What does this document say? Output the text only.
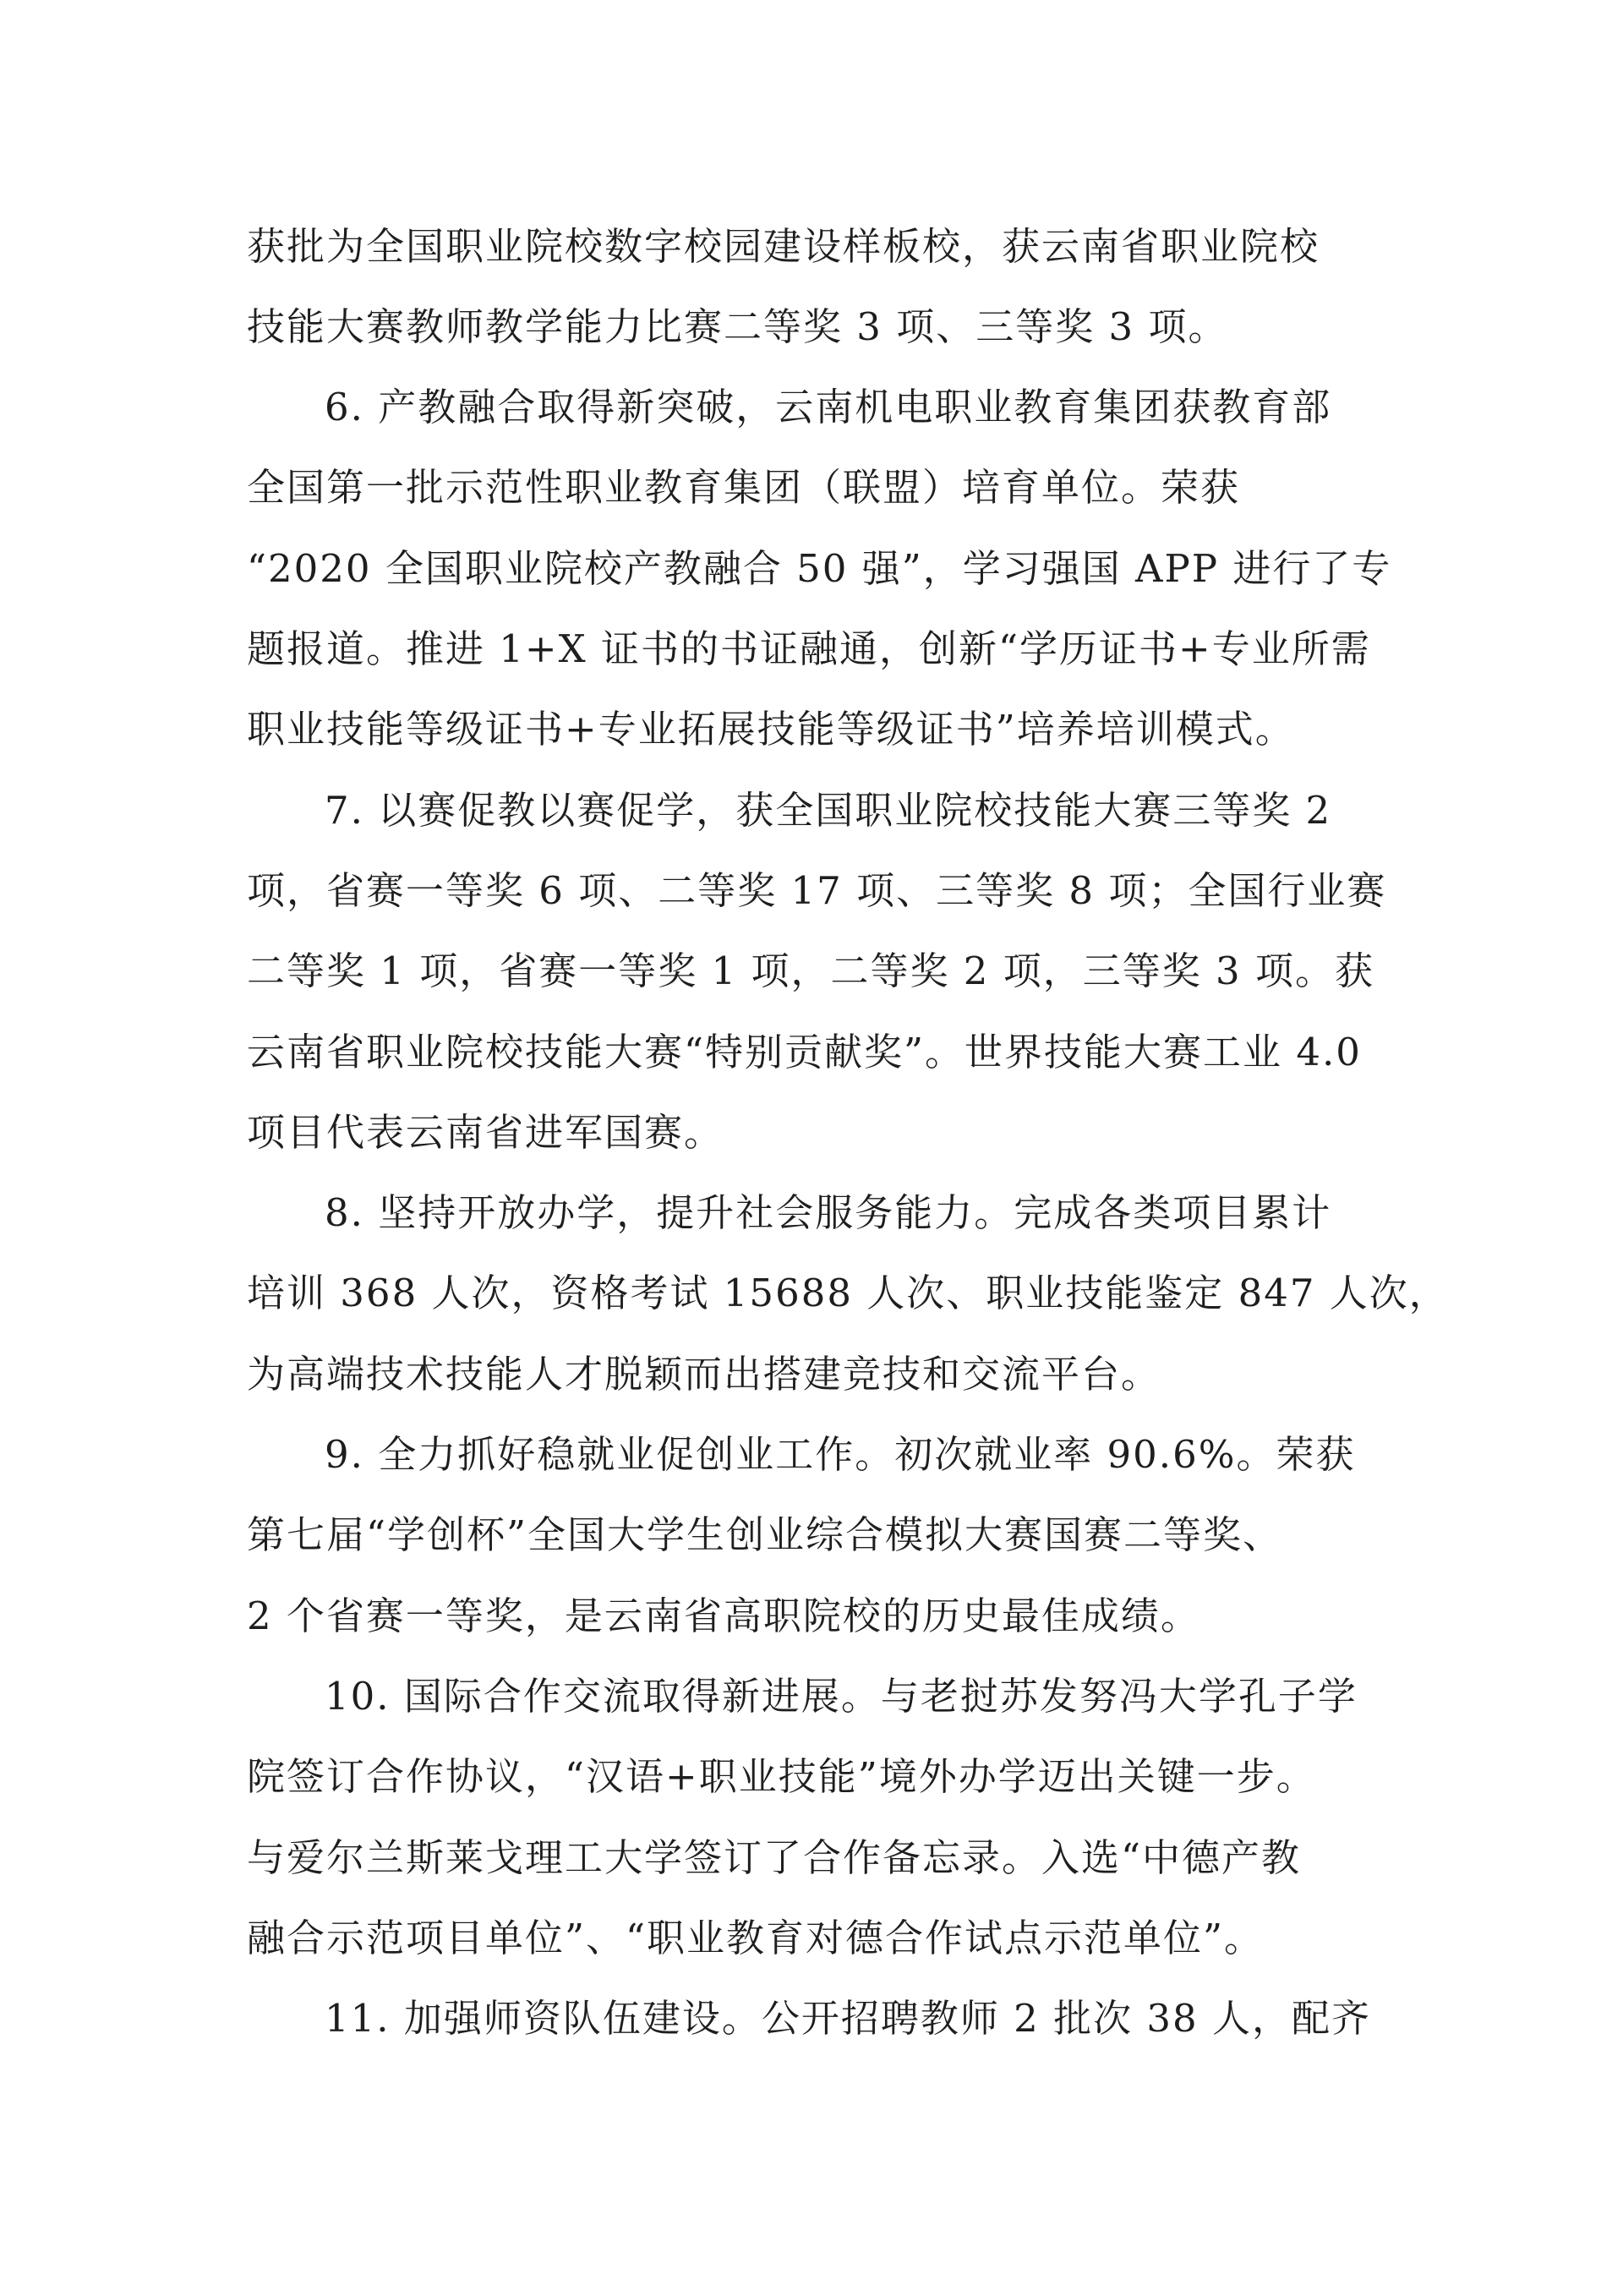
获批为全国职业院校数字校园建设样板校，获云南省职业院校

技能大赛教师教学能力比赛二等奖 3 项、三等奖 3 项。

6. 产教融合取得新突破，云南机电职业教育集团获教育部

全国第一批示范性职业教育集团（联盟）培育单位。荣获

“2020 全国职业院校产教融合 50 强”，学习强国 APP 进行了专

题报道。推进 1+X 证书的书证融通，创新“学历证书+专业所需

职业技能等级证书+专业拓展技能等级证书”培养培训模式。

7. 以赛促教以赛促学，获全国职业院校技能大赛三等奖 2

项，省赛一等奖 6 项、二等奖 17 项、三等奖 8 项；全国行业赛

二等奖 1 项，省赛一等奖 1 项，二等奖 2 项，三等奖 3 项。获

云南省职业院校技能大赛“特别贡献奖”。世界技能大赛工业 4.0

项目代表云南省进军国赛。

8. 坚持开放办学，提升社会服务能力。完成各类项目累计

培训 368 人次，资格考试 15688 人次、职业技能鉴定 847 人次，

为高端技术技能人才脱颖而出搭建竞技和交流平台。

9. 全力抓好稳就业促创业工作。初次就业率 90.6%。荣获

第七届“学创杯”全国大学生创业综合模拟大赛国赛二等奖、

2 个省赛一等奖，是云南省高职院校的历史最佳成绩。

10. 国际合作交流取得新进展。与老挝苏发努冯大学孔子学

院签订合作协议，“汉语+职业技能”境外办学迈出关键一步。

与爱尔兰斯莱戈理工大学签订了合作备忘录。入选“中德产教

融合示范项目单位”、“职业教育对德合作试点示范单位”。

11. 加强师资队伍建设。公开招聘教师 2 批次 38 人，配齐
